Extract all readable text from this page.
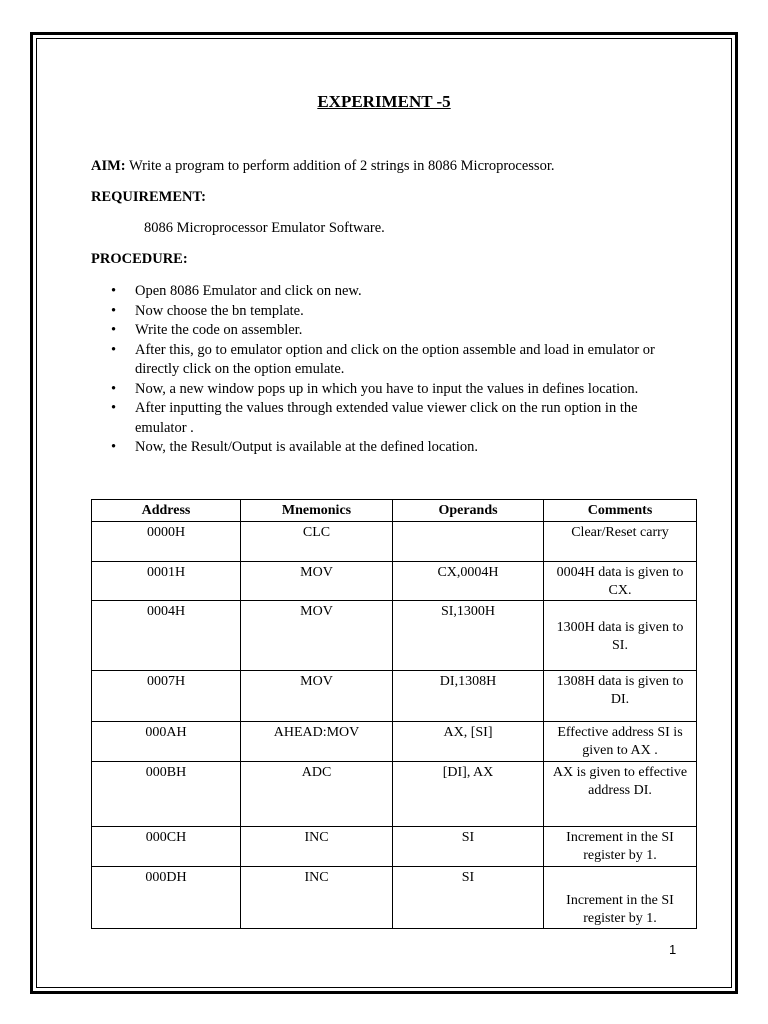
EXPERIMENT -5
AIM: Write a program to perform addition of 2 strings in 8086 Microprocessor.
REQUIREMENT:
8086 Microprocessor Emulator Software.
PROCEDURE:
• Open 8086 Emulator and click on new.
• Now choose the bn template.
• Write the code on assembler.
• After this, go to emulator option and click on the option assemble and load in emulator or directly click on the option emulate.
• Now, a new window pops up in which you have to input the values in defines location.
• After inputting the values through extended value viewer click on the run option in the emulator .
• Now, the Result/Output is available at the defined location.
Address	Mnemonics	Operands	Comments
0000H	CLC		Clear/Reset carry
0001H	MOV	CX,0004H	0004H data is given to CX.
0004H	MOV	SI,1300H	1300H data is given to SI.
0007H	MOV	DI,1308H	1308H data is given to DI.
000AH	AHEAD:MOV	AX, [SI]	Effective address SI is given to AX .
000BH	ADC	[DI], AX	AX is given to effective address DI.
000CH	INC	SI	Increment in the SI register by 1.
000DH	INC	SI	Increment in the SI register by 1.
1
